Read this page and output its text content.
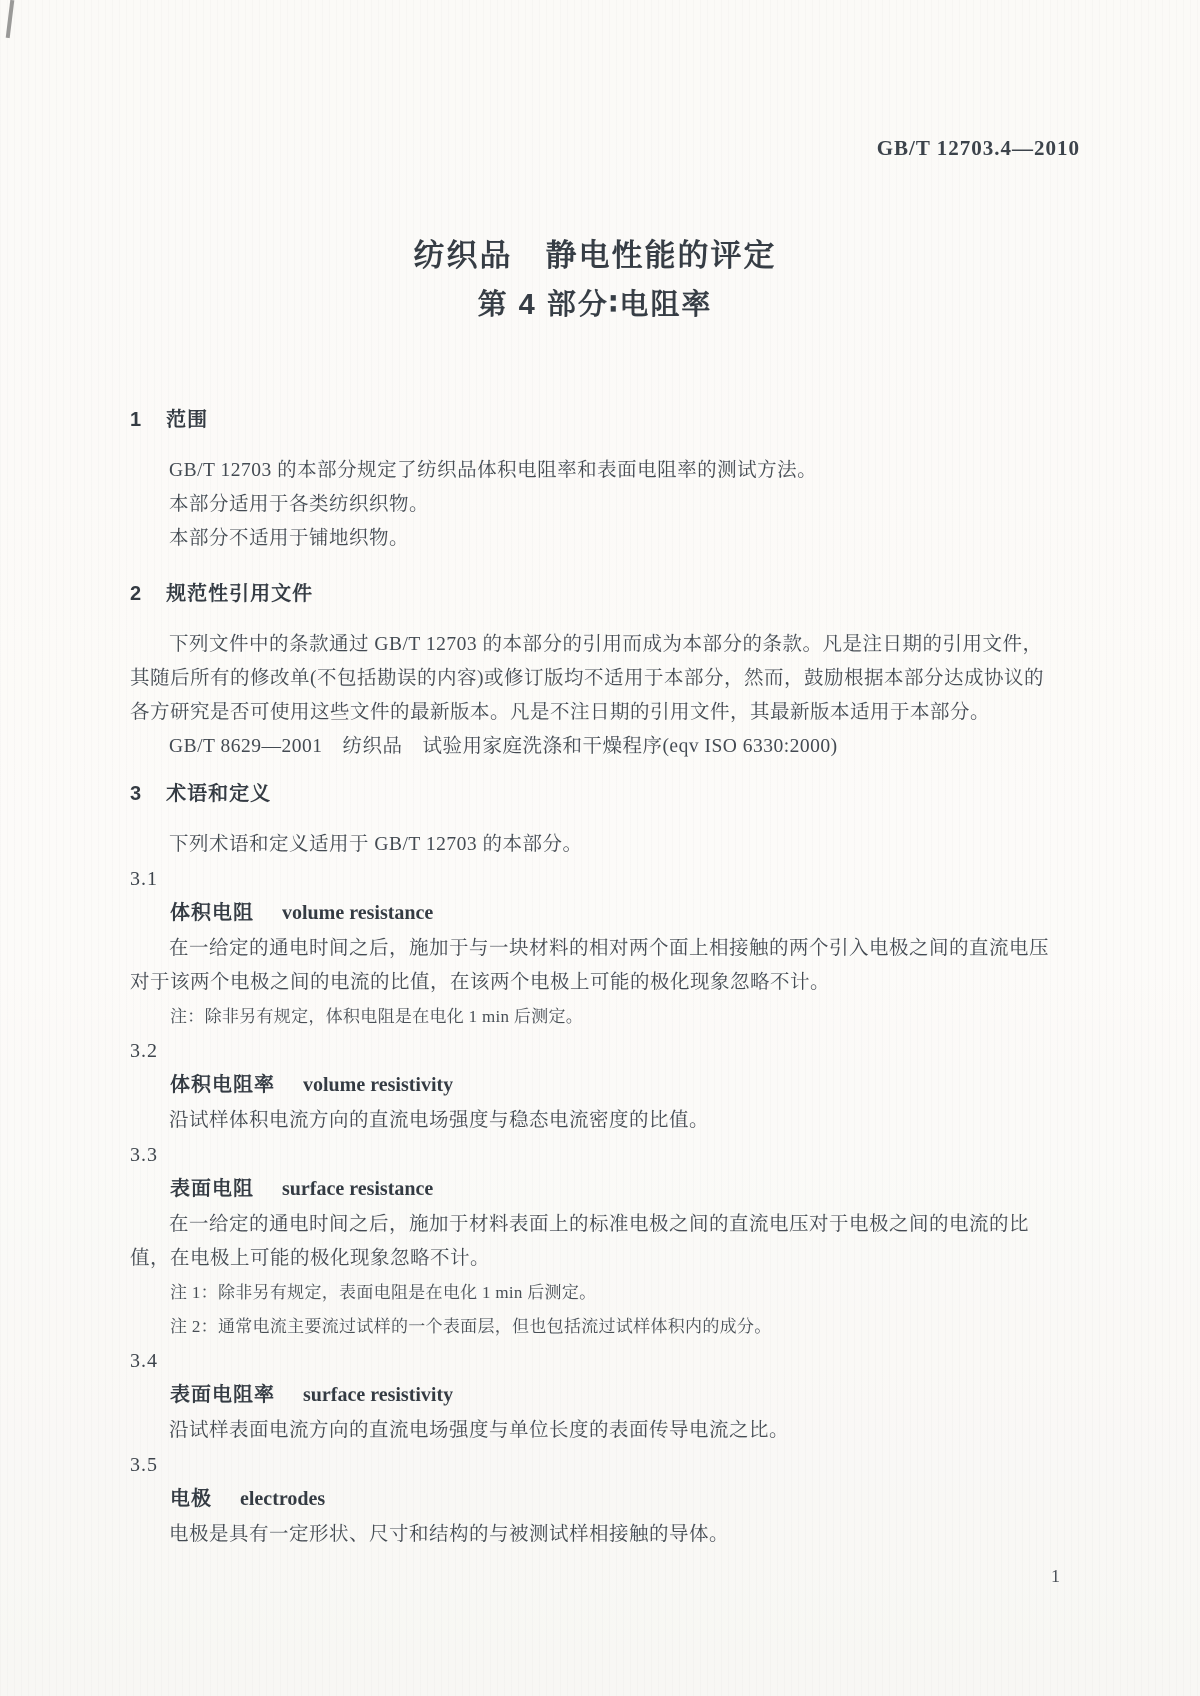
GB/T 12703.4—2010
纺织品　静电性能的评定
第 4 部分∶电阻率
1 范围

GB/T 12703 的本部分规定了纺织品体积电阻率和表面电阻率的测试方法。

本部分适用于各类纺织织物。

本部分不适用于铺地织物。

2 规范性引用文件

下列文件中的条款通过 GB/T 12703 的本部分的引用而成为本部分的条款。凡是注日期的引用文件，其随后所有的修改单(不包括勘误的内容)或修订版均不适用于本部分，然而，鼓励根据本部分达成协议的各方研究是否可使用这些文件的最新版本。凡是不注日期的引用文件，其最新版本适用于本部分。

GB/T 8629—2001　纺织品　试验用家庭洗涤和干燥程序(eqv ISO 6330:2000)

3 术语和定义

下列术语和定义适用于 GB/T 12703 的本部分。

3.1
体积电阻 volume resistance

在一给定的通电时间之后，施加于与一块材料的相对两个面上相接触的两个引入电极之间的直流电压对于该两个电极之间的电流的比值，在该两个电极上可能的极化现象忽略不计。

注：除非另有规定，体积电阻是在电化 1 min 后测定。

3.2
体积电阻率 volume resistivity

沿试样体积电流方向的直流电场强度与稳态电流密度的比值。

3.3
表面电阻 surface resistance

在一给定的通电时间之后，施加于材料表面上的标准电极之间的直流电压对于电极之间的电流的比值，在电极上可能的极化现象忽略不计。

注 1：除非另有规定，表面电阻是在电化 1 min 后测定。

注 2：通常电流主要流过试样的一个表面层，但也包括流过试样体积内的成分。

3.4
表面电阻率 surface resistivity

沿试样表面电流方向的直流电场强度与单位长度的表面传导电流之比。

3.5
电极 electrodes

电极是具有一定形状、尺寸和结构的与被测试样相接触的导体。

1
